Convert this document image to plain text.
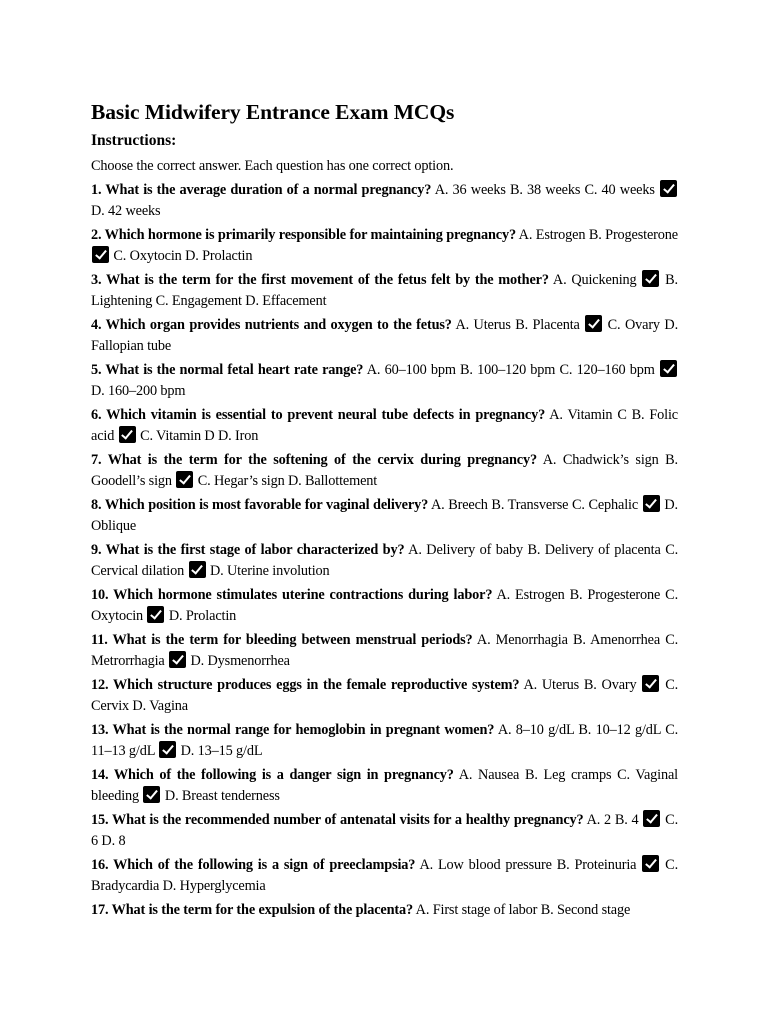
Basic Midwifery Entrance Exam MCQs
Instructions:

Choose the correct answer. Each question has one correct option.

1. What is the average duration of a normal pregnancy? A. 36 weeks B. 38 weeks C. 40 weeks  D. 42 weeks

2. Which hormone is primarily responsible for maintaining pregnancy? A. Estrogen B. Progesterone  C. Oxytocin D. Prolactin

3. What is the term for the first movement of the fetus felt by the mother? A. Quickening  B. Lightening C. Engagement D. Effacement

4. Which organ provides nutrients and oxygen to the fetus? A. Uterus B. Placenta  C. Ovary D. Fallopian tube

5. What is the normal fetal heart rate range? A. 60–100 bpm B. 100–120 bpm C. 120–160 bpm  D. 160–200 bpm

6. Which vitamin is essential to prevent neural tube defects in pregnancy? A. Vitamin C B. Folic acid  C. Vitamin D D. Iron

7. What is the term for the softening of the cervix during pregnancy? A. Chadwick’s sign B. Goodell’s sign  C. Hegar’s sign D. Ballottement

8. Which position is most favorable for vaginal delivery? A. Breech B. Transverse C. Cephalic  D. Oblique

9. What is the first stage of labor characterized by? A. Delivery of baby B. Delivery of placenta C. Cervical dilation  D. Uterine involution

10. Which hormone stimulates uterine contractions during labor? A. Estrogen B. Progesterone C. Oxytocin  D. Prolactin

11. What is the term for bleeding between menstrual periods? A. Menorrhagia B. Amenorrhea C. Metrorrhagia  D. Dysmenorrhea

12. Which structure produces eggs in the female reproductive system? A. Uterus B. Ovary  C. Cervix D. Vagina

13. What is the normal range for hemoglobin in pregnant women? A. 8–10 g/dL B. 10–12 g/dL C. 11–13 g/dL  D. 13–15 g/dL

14. Which of the following is a danger sign in pregnancy? A. Nausea B. Leg cramps C. Vaginal bleeding  D. Breast tenderness

15. What is the recommended number of antenatal visits for a healthy pregnancy? A. 2 B. 4  C. 6 D. 8

16. Which of the following is a sign of preeclampsia? A. Low blood pressure B. Proteinuria  C. Bradycardia D. Hyperglycemia

17. What is the term for the expulsion of the placenta? A. First stage of labor B. Second stage
